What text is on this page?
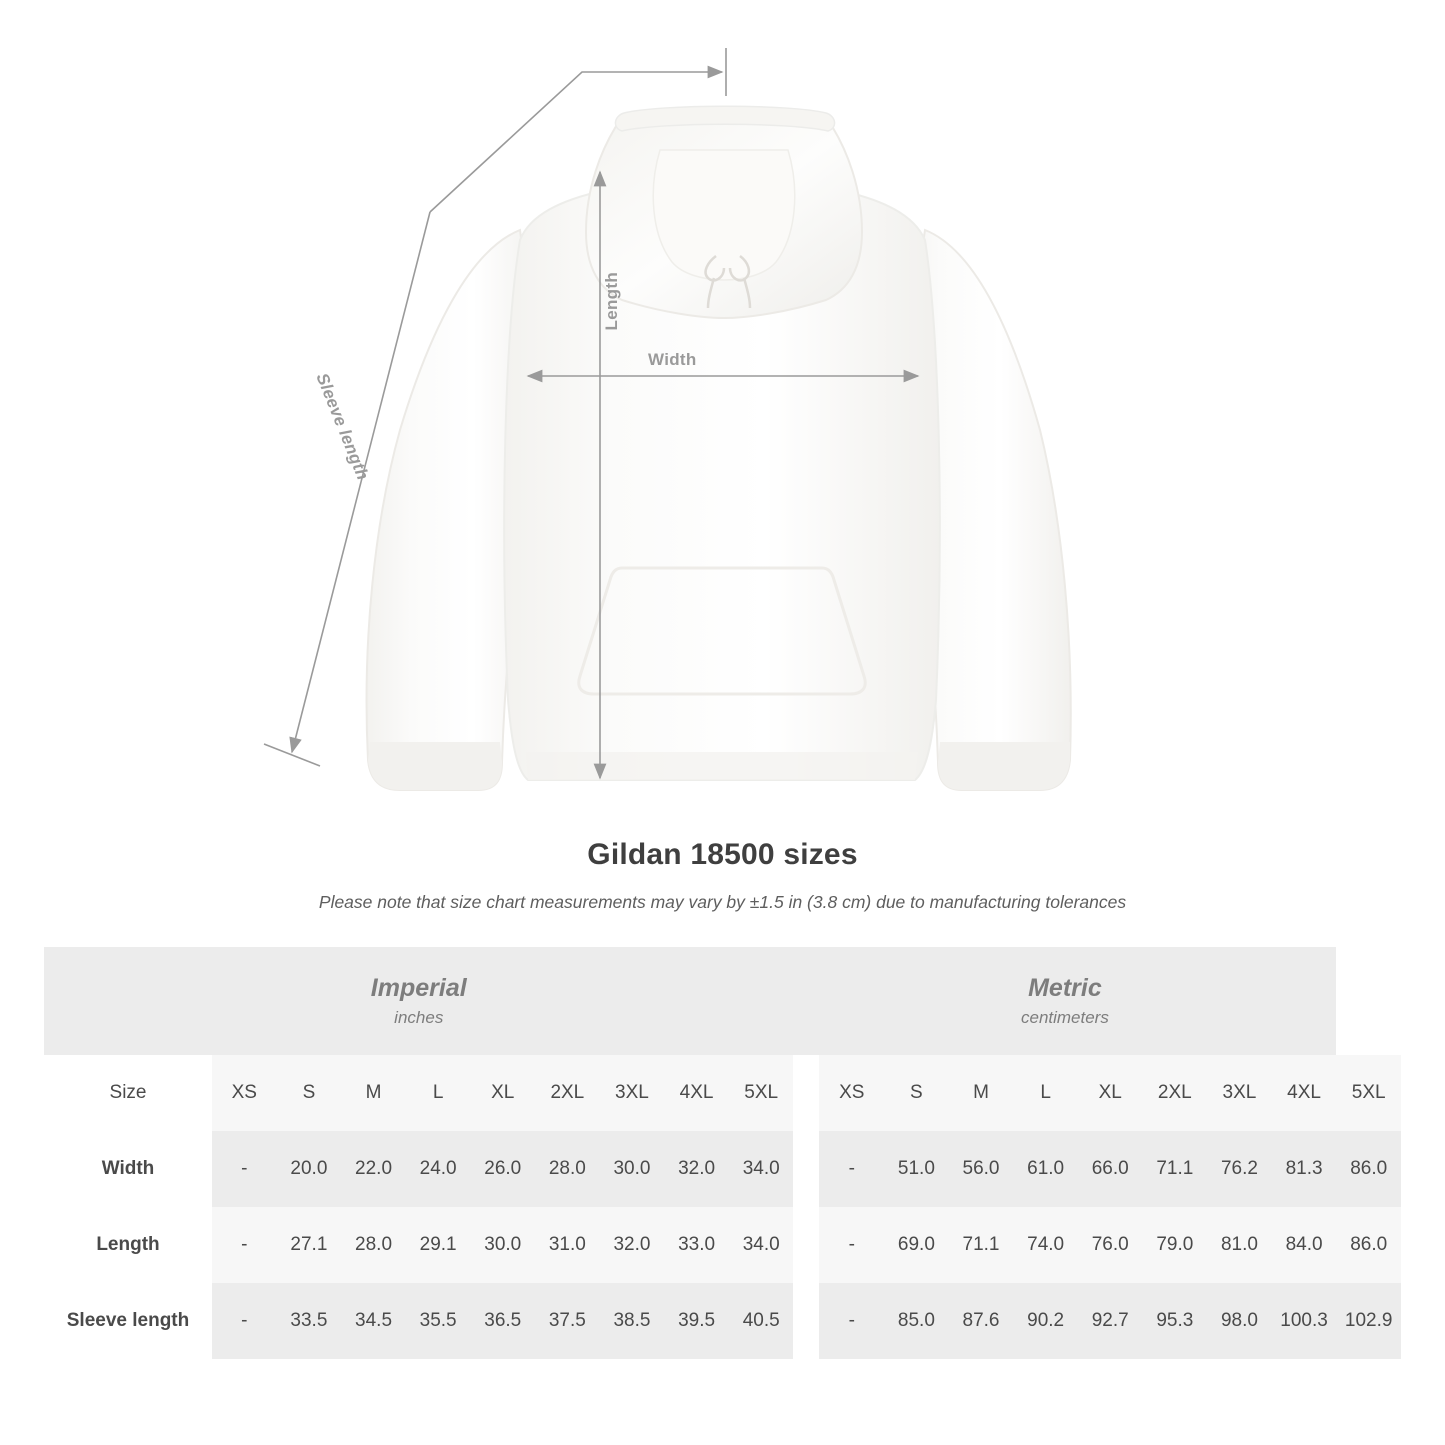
Width
Length
Sleeve length
Gildan 18500 sizes
Please note that size chart measurements may vary by ±1.5 in (3.8 cm) due to manufacturing tolerances
Imperial
inches

Metric
centimeters

Size	XS	S	M	L	XL	2XL	3XL	4XL	5XL		XS	S	M	L	XL	2XL	3XL	4XL	5XL
Width	-	20.0	22.0	24.0	26.0	28.0	30.0	32.0	34.0		-	51.0	56.0	61.0	66.0	71.1	76.2	81.3	86.0
Length	-	27.1	28.0	29.1	30.0	31.0	32.0	33.0	34.0		-	69.0	71.1	74.0	76.0	79.0	81.0	84.0	86.0
Sleeve length	-	33.5	34.5	35.5	36.5	37.5	38.5	39.5	40.5		-	85.0	87.6	90.2	92.7	95.3	98.0	100.3	102.9
